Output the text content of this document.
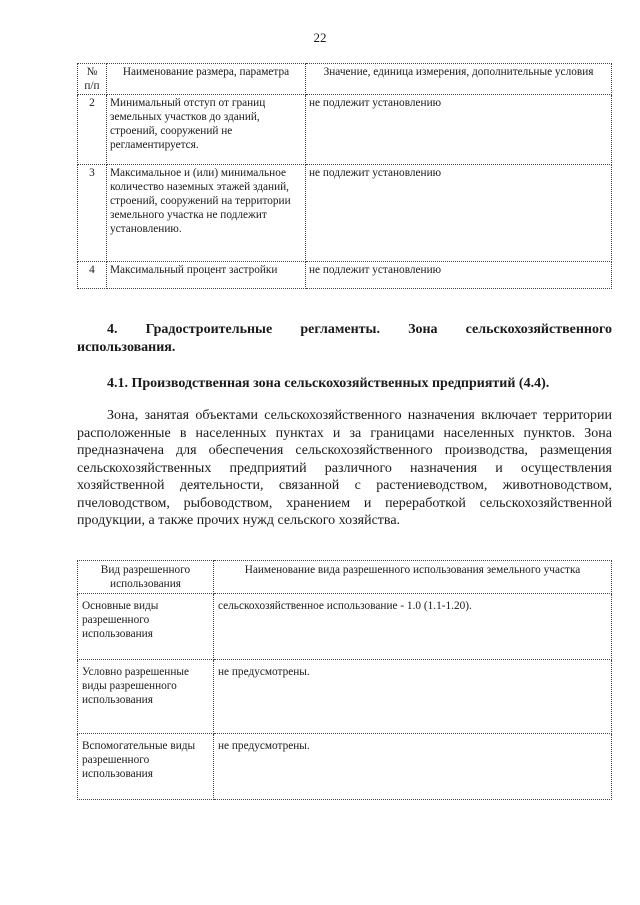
22
№ п/п	Наименование размера, параметра	Значение, единица измерения, дополнительные условия
2	Минимальный отступ от границ земельных участков до зданий, строений, сооружений не регламентируется.	не подлежит установлению
3	Максимальное и (или) минимальное количество наземных этажей зданий, строений, сооружений на территории земельного участка не подлежит установлению.	не подлежит установлению
4	Максимальный процент застройки	не подлежит установлению
4. Градостроительные регламенты. Зона сельскохозяйственного использования.
4.1. Производственная зона сельскохозяйственных предприятий (4.4).
Зона, занятая объектами сельскохозяйственного назначения включает территории расположенные в населенных пунктах и за границами населенных пунктов. Зона предназначена для обеспечения сельскохозяйственного производства, размещения сельскохозяйственных предприятий различного назначения и осуществления хозяйственной деятельности, связанной с растениеводством, животноводством, пчеловодством, рыбоводством, хранением и переработкой сельскохозяйственной продукции, а также прочих нужд сельского хозяйства.
Вид разрешенного использования	Наименование вида разрешенного использования земельного участка
Основные виды разрешенного использования	сельскохозяйственное использование - 1.0 (1.1-1.20).
Условно разрешенные виды разрешенного использования	не предусмотрены.
Вспомогательные виды разрешенного использования	не предусмотрены.
